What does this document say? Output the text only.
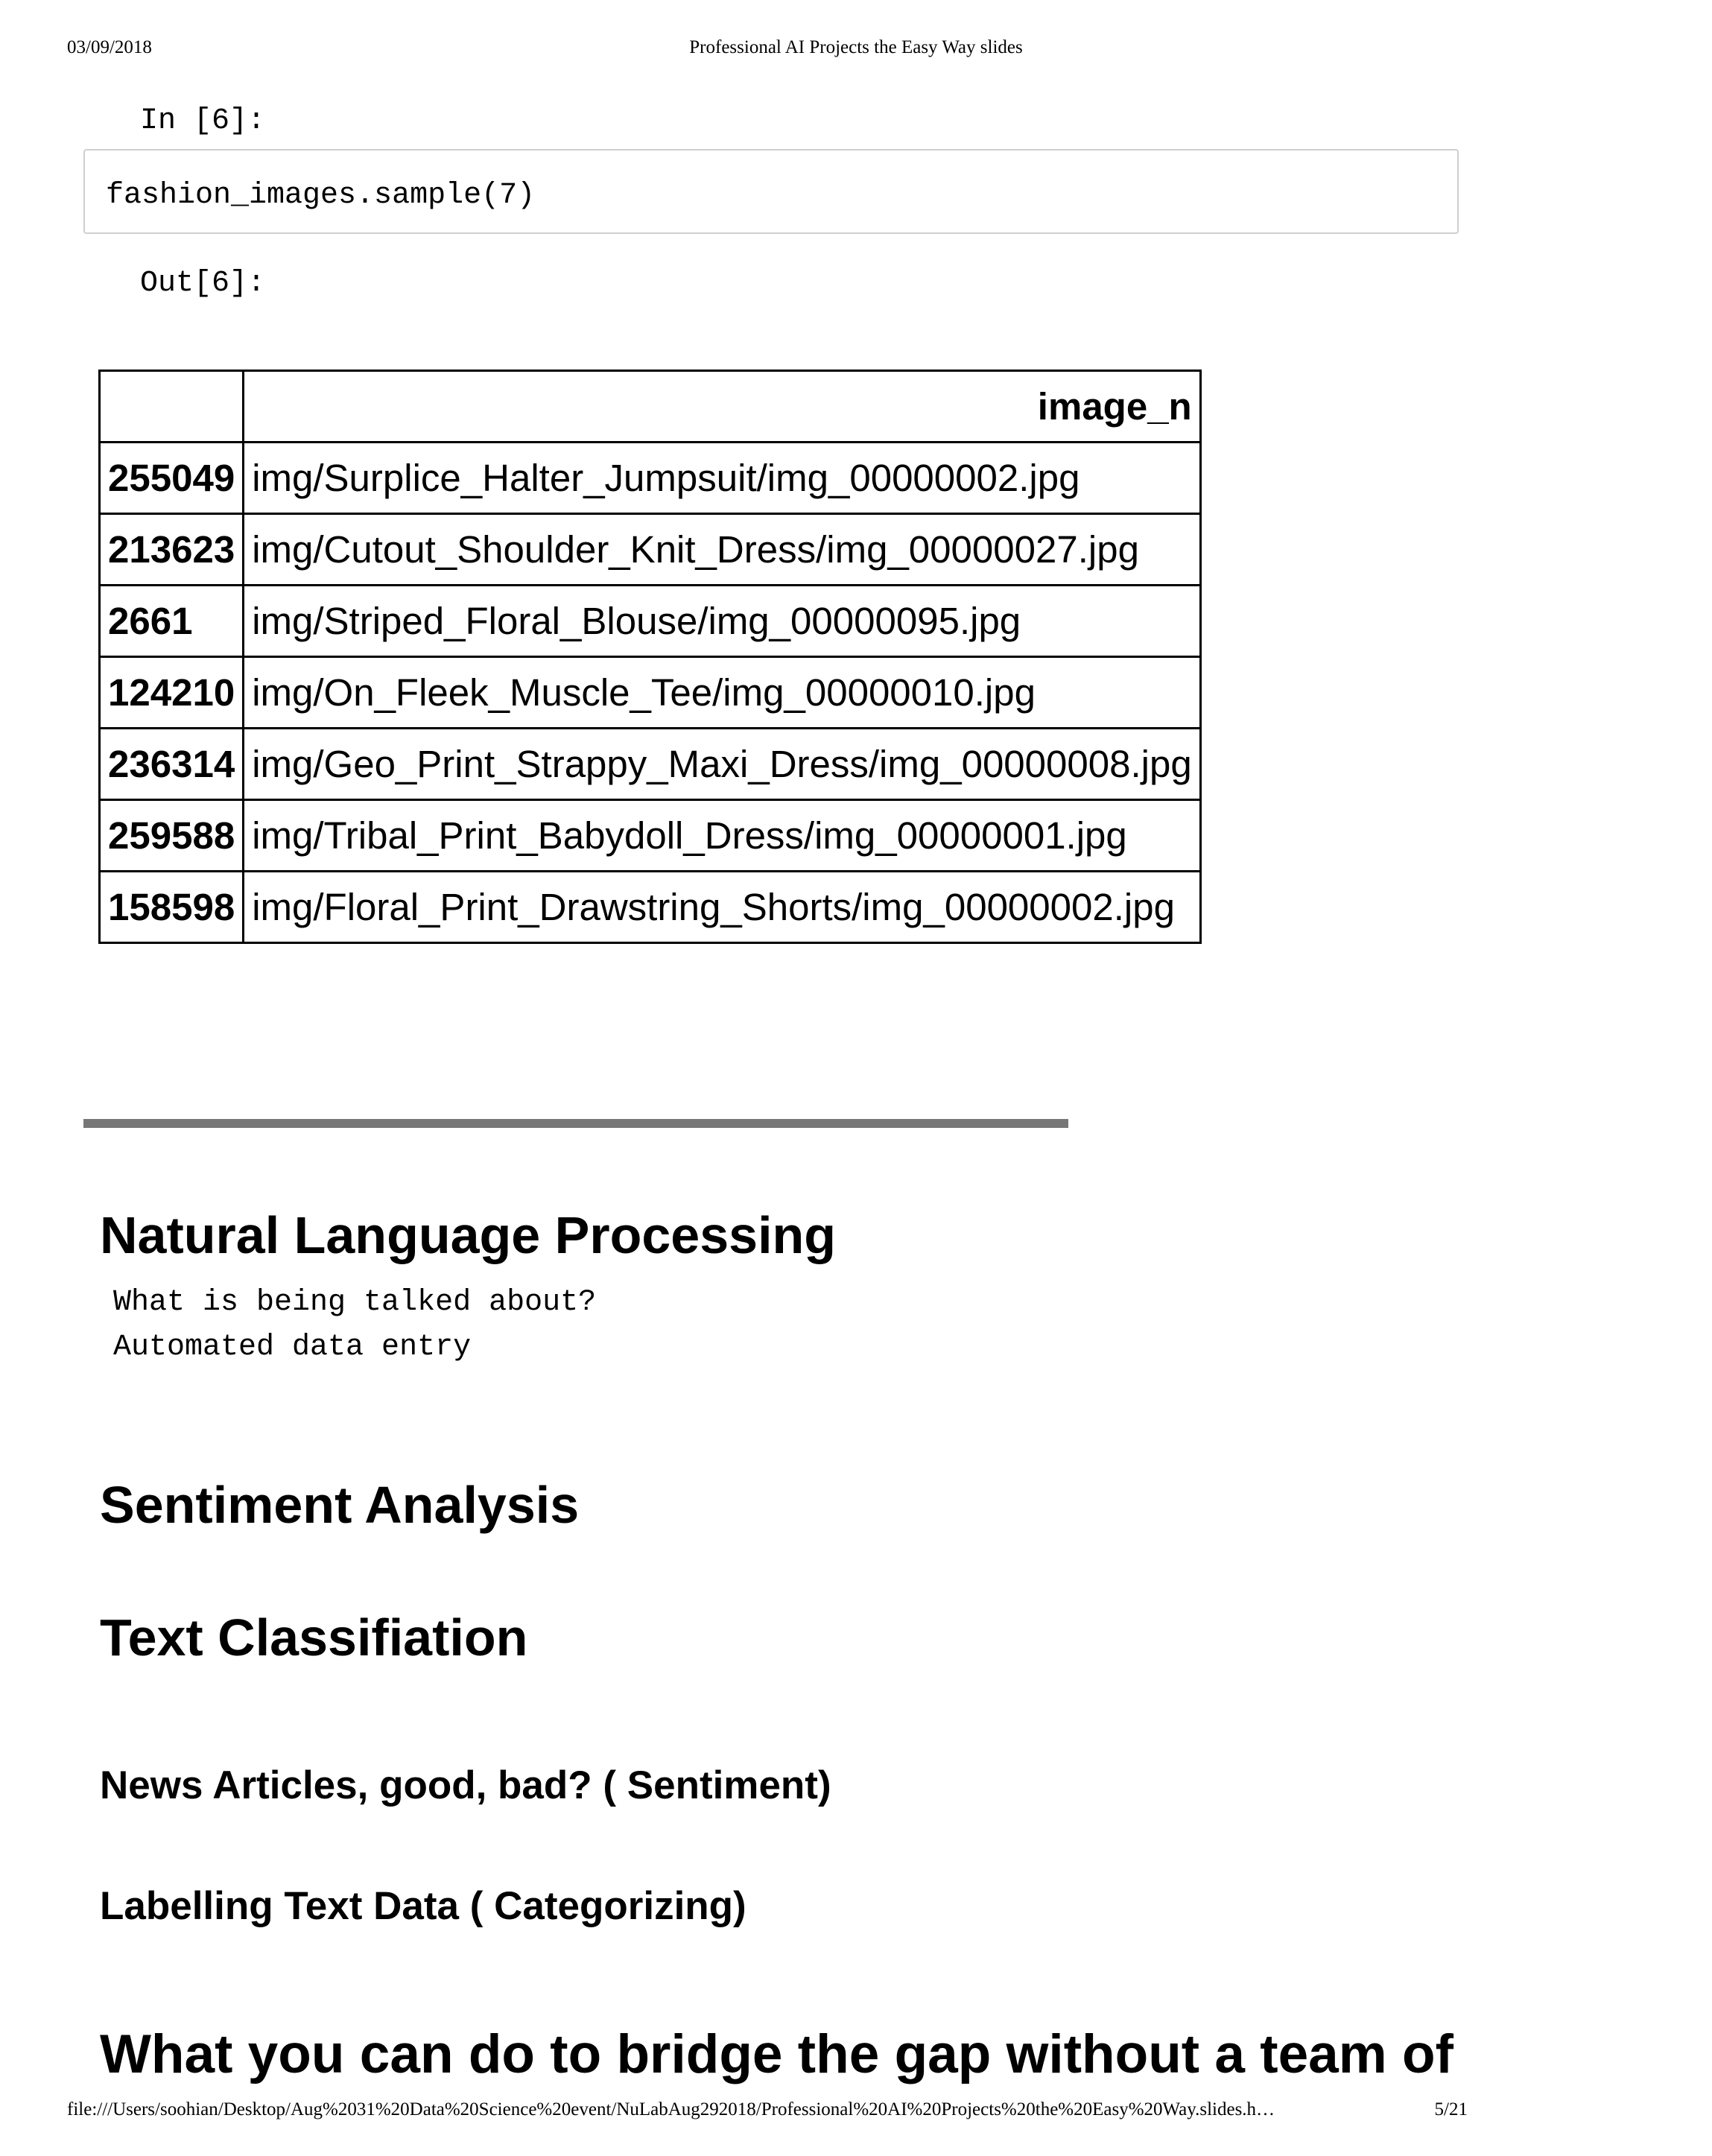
03/09/2018	Professional AI Projects the Easy Way slides
In [6]:
fashion_images.sample(7)
Out[6]:
	image_n
255049	img/Surplice_Halter_Jumpsuit/img_00000002.jpg
213623	img/Cutout_Shoulder_Knit_Dress/img_00000027.jpg
2661	img/Striped_Floral_Blouse/img_00000095.jpg
124210	img/On_Fleek_Muscle_Tee/img_00000010.jpg
236314	img/Geo_Print_Strappy_Maxi_Dress/img_00000008.jpg
259588	img/Tribal_Print_Babydoll_Dress/img_00000001.jpg
158598	img/Floral_Print_Drawstring_Shorts/img_00000002.jpg
Natural Language Processing
What is being talked about?
Automated data entry
Sentiment Analysis
Text Classifiation
News Articles, good, bad? ( Sentiment)
Labelling Text Data ( Categorizing)
What you can do to bridge the gap without a team of
file:///Users/soohian/Desktop/Aug%2031%20Data%20Science%20event/NuLabAug292018/Professional%20AI%20Projects%20the%20Easy%20Way.slides.h…	5/21
